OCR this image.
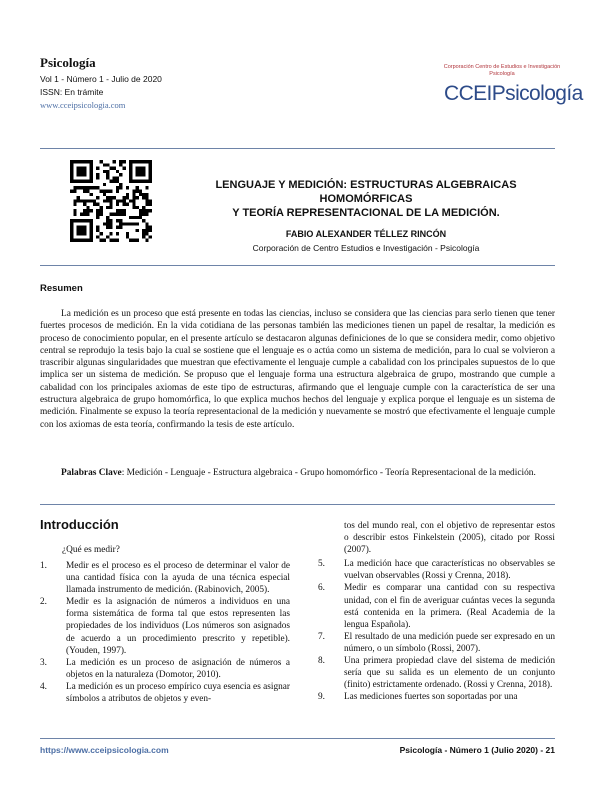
Psicología
Vol 1 - Número 1 - Julio de 2020
ISSN: En trámite
www.cceipsicologia.com
Corporación Centro de Estudios e Investigación Psicología
CCEIPsicología
LENGUAJE Y MEDICIÓN: ESTRUCTURAS ALGEBRAICAS HOMOMÓRFICAS
Y TEORÍA REPRESENTACIONAL DE LA MEDICIÓN.
FABIO ALEXANDER TÉLLEZ RINCÓN
Corporación de Centro Estudios e Investigación - Psicología
Resumen

La medición es un proceso que está presente en todas las ciencias, incluso se considera que las ciencias para serlo tienen que tener fuertes procesos de medición. En la vida cotidiana de las personas también las mediciones tienen un papel de resaltar, la medición es proceso de conocimiento popular, en el presente artículo se destacaron algunas definiciones de lo que se considera medir, como objetivo central se reprodujo la tesis bajo la cual se sostiene que el lenguaje es o actúa como un sistema de medición, para lo cual se volvieron a trascribir algunas singularidades que muestran que efectivamente el lenguaje cumple a cabalidad con los principales supuestos de lo que implica ser un sistema de medición. Se propuso que el lenguaje forma una estructura algebraica de grupo, mostrando que cumple a cabalidad con los principales axiomas de este tipo de estructuras, afirmando que el lenguaje cumple con la característica de ser una estructura algebraica de grupo homomórfica, lo que explica muchos hechos del lenguaje y explica porque el lenguaje es un sistema de medición. Finalmente se expuso la teoría representacional de la medición y nuevamente se mostró que efectivamente el lenguaje cumple con los axiomas de esta teoría, confirmando la tesis de este artículo.

Palabras Clave: Medición - Lenguaje - Estructura algebraica - Grupo homomórfico - Teoría Representacional de la medición.

Introducción
¿Qué es medir?

1. Medir es el proceso es el proceso de determinar el valor de una cantidad física con la ayuda de una técnica especial llamada instrumento de medición. (Rabinovich, 2005).

2. Medir es la asignación de números a individuos en una forma sistemática de forma tal que estos representen las propiedades de los individuos (Los números son asignados de acuerdo a un procedimiento prescrito y repetible). (Youden, 1997).

3. La medición es un proceso de asignación de números a objetos en la naturaleza (Domotor, 2010).

4. La medición es un proceso empírico cuya esencia es asignar símbolos a atributos de objetos y even-

tos del mundo real, con el objetivo de representar estos o describir estos Finkelstein (2005), citado por Rossi (2007).

5. La medición hace que características no observables se vuelvan observables (Rossi y Crenna, 2018).

6. Medir es comparar una cantidad con su respectiva unidad, con el fin de averiguar cuántas veces la segunda está contenida en la primera. (Real Academia de la lengua Española).

7. El resultado de una medición puede ser expresado en un número, o un símbolo (Rossi, 2007).

8. Una primera propiedad clave del sistema de medición sería que su salida es un elemento de un conjunto (finito) estrictamente ordenado. (Rossi y Crenna, 2018).

9. Las mediciones fuertes son soportadas por una

https://www.cceipsicologia.com	Psicología - Número 1 (Julio 2020) - 21
